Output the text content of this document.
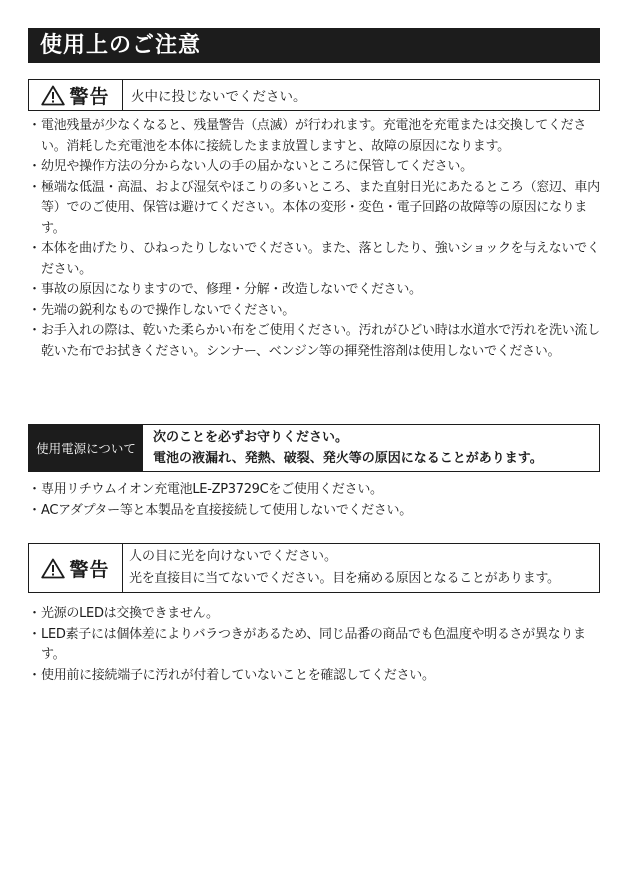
使用上のご注意
警告 火中に投じないでください。
・ 電池残量が少なくなると、残量警告（点滅）が行われます。充電池を充電または交換してください。消耗した充電池を本体に接続したまま放置しますと、故障の原因になります。
・ 幼児や操作方法の分からない人の手の届かないところに保管してください。
・ 極端な低温・高温、および湿気やほこりの多いところ、また直射日光にあたるところ（窓辺、車内等）でのご使用、保管は避けてください。本体の変形・変色・電子回路の故障等の原因になります。
・ 本体を曲げたり、ひねったりしないでください。また、落としたり、強いショックを与えないでください。
・ 事故の原因になりますので、修理・分解・改造しないでください。
・ 先端の鋭利なもので操作しないでください。
・ お手入れの際は、乾いた柔らかい布をご使用ください。汚れがひどい時は水道水で汚れを洗い流し乾いた布でお拭きください。シンナー、ベンジン等の揮発性溶剤は使用しないでください。
使用電源について
次のことを必ずお守りください。
電池の液漏れ、発熱、破裂、発火等の原因になることがあります。
・ 専用リチウムイオン充電池LE-ZP3729Cをご使用ください。
・ ACアダプター等と本製品を直接接続して使用しないでください。
警告
人の目に光を向けないでください。
光を直接目に当てないでください。目を痛める原因となることがあります。
・ 光源のLEDは交換できません。
・ LED素子には個体差によりバラつきがあるため、同じ品番の商品でも色温度や明るさが異なります。
・ 使用前に接続端子に汚れが付着していないことを確認してください。
